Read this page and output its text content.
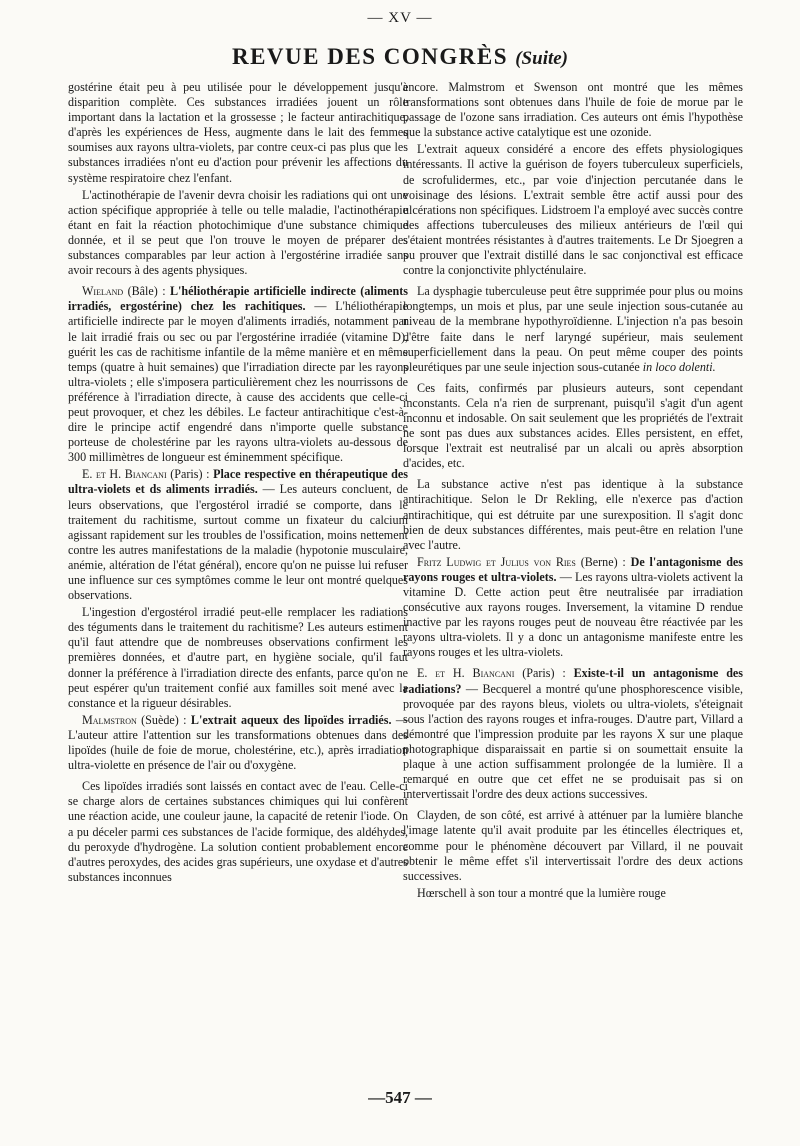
— XV —
REVUE DES CONGRÈS (Suite)

gostérine était peu à peu utilisée pour le développement jusqu'à disparition complète. Ces substances irradiées jouent un rôle important dans la lactation et la grossesse ; le facteur antirachitique, d'après les expériences de Hess, augmente dans le lait des femmes soumises aux rayons ultra-violets, par contre ceux-ci pas plus que les substances irradiées n'ont eu d'action pour prévenir les affections du système respiratoire chez l'enfant.

L'actinothérapie de l'avenir devra choisir les radiations qui ont une action spécifique appropriée à telle ou telle maladie, l'actinothérapie étant en fait la réaction photochimique d'une substance chimique donnée, et il se peut que l'on trouve le moyen de préparer des substances comparables par leur action à l'ergostérine irradiée sans avoir recours à des agents physiques.

Wieland (Bâle) : L'héliothérapie artificielle indirecte (aliments irradiés, ergostérine) chez les rachitiques. — L'héliothérapie artificielle indirecte par le moyen d'aliments irradiés, notamment par le lait irradié frais ou sec ou par l'ergostérine irradiée (vitamine D), guérit les cas de rachitisme infantile de la même manière et en même temps (quatre à huit semaines) que l'irradiation directe par les rayons ultra-violets ; elle s'imposera particulièrement chez les nourrissons de préférence à l'irradiation directe, à cause des accidents que celle-ci peut provoquer, et chez les débiles. Le facteur antirachitique c'est-à-dire le principe actif engendré dans n'importe quelle substance porteuse de cholestérine par les rayons ultra-violets au-dessous de 300 millimètres de longueur est éminemment spécifique.

E. et H. Biancani (Paris) : Place respective en thérapeutique des ultra-violets et ds aliments irradiés. — Les auteurs concluent, de leurs observations, que l'ergostérol irradié se comporte, dans le traitement du rachitisme, surtout comme un fixateur du calcium agissant rapidement sur les troubles de l'ossification, moins nettement contre les autres manifestations de la maladie (hypotonie musculaire, anémie, altération de l'état général), encore qu'on ne puisse lui refuser une influence sur ces symptômes comme le leur ont montré quelques observations.

L'ingestion d'ergostérol irradié peut-elle remplacer les radiations des téguments dans le traitement du rachitisme? Les auteurs estiment qu'il faut attendre que de nombreuses observations confirment les premières données, et d'autre part, en hygiène sociale, qu'il faut donner la préférence à l'irradiation directe des enfants, parce qu'on ne peut espérer qu'un traitement confié aux familles soit mené avec la constance et la rigueur désirables.

Malmstron (Suède) : L'extrait aqueux des lipoïdes irradiés. — L'auteur attire l'attention sur les transformations obtenues dans des lipoïdes (huile de foie de morue, cholestérine, etc.), après irradiation ultra-violette en présence de l'air ou d'oxygène.

Ces lipoïdes irradiés sont laissés en contact avec de l'eau. Celle-ci se charge alors de certaines substances chimiques qui lui confèrent une réaction acide, une couleur jaune, la capacité de retenir l'iode. On a pu déceler parmi ces substances de l'acide formique, des aldéhydes, du peroxyde d'hydrogène. La solution contient probablement encore d'autres peroxydes, des acides gras supérieurs, une oxydase et d'autres substances inconnues

encore. Malmstrom et Swenson ont montré que les mêmes transformations sont obtenues dans l'huile de foie de morue par le passage de l'ozone sans irradiation. Ces auteurs ont émis l'hypothèse que la substance active catalytique est une ozonide.

L'extrait aqueux considéré a encore des effets physiologiques intéressants. Il active la guérison de foyers tuberculeux superficiels, de scrofulidermes, etc., par voie d'injection percutanée dans le voisinage des lésions. L'extrait semble être actif aussi pour des ulcérations non spécifiques. Lidstroem l'a employé avec succès contre des affections tuberculeuses des milieux antérieurs de l'œil qui s'étaient montrées résistantes à d'autres traitements. Le Dr Sjoegren a pu prouver que l'extrait distillé dans le sac conjonctival est efficace contre la conjonctivite phlycténulaire.

La dysphagie tuberculeuse peut être supprimée pour plus ou moins longtemps, un mois et plus, par une seule injection sous-cutanée au niveau de la membrane hypothyroïdienne. L'injection n'a pas besoin d'être faite dans le nerf laryngé supérieur, mais seulement superficiellement dans la peau. On peut même couper des points pleurétiques par une seule injection sous-cutanée in loco dolenti.

Ces faits, confirmés par plusieurs auteurs, sont cependant inconstants. Cela n'a rien de surprenant, puisqu'il s'agit d'un agent inconnu et indosable. On sait seulement que les propriétés de l'extrait ne sont pas dues aux substances acides. Elles persistent, en effet, lorsque l'extrait est neutralisé par un alcali ou après absorption d'acides, etc.

La substance active n'est pas identique à la substance antirachitique. Selon le Dr Rekling, elle n'exerce pas d'action antirachitique, qui est détruite par une surexposition. Il s'agit donc bien de deux substances différentes, mais peut-être en relation l'une avec l'autre.

Fritz Ludwig et Julius von Ries (Berne) : De l'antagonisme des rayons rouges et ultra-violets. — Les rayons ultra-violets activent la vitamine D. Cette action peut être neutralisée par irradiation consécutive aux rayons rouges. Inversement, la vitamine D rendue inactive par les rayons rouges peut de nouveau être réactivée par les rayons ultra-violets. Il y a donc un antagonisme manifeste entre les rayons rouges et les ultra-violets.

E. et H. Biancani (Paris) : Existe-t-il un antagonisme des radiations? — Becquerel a montré qu'une phosphorescence visible, provoquée par des rayons bleus, violets ou ultra-violets, s'éteignait sous l'action des rayons rouges et infra-rouges. D'autre part, Villard a démontré que l'impression produite par les rayons X sur une plaque photographique disparaissait en partie si on soumettait ensuite la plaque à une action suffisamment prolongée de la lumière. Il a remarqué en outre que cet effet ne se produisait pas si on intervertissait l'ordre des deux actions successives.

Clayden, de son côté, est arrivé à atténuer par la lumière blanche l'image latente qu'il avait produite par les étincelles électriques et, comme pour le phénomène découvert par Villard, il ne pouvait obtenir le même effet s'il intervertissait l'ordre des deux actions successives.

Hœrschell à son tour a montré que la lumière rouge

—547 —
